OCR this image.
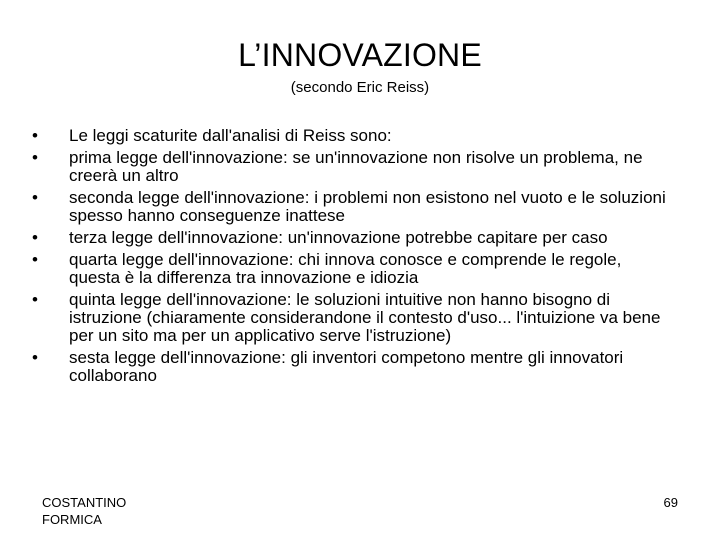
L’INNOVAZIONE
(secondo Eric Reiss)
• Le leggi scaturite dall'analisi di Reiss sono:
• prima legge dell'innovazione: se un'innovazione non risolve un problema, ne creerà un altro
• seconda legge dell'innovazione: i problemi non esistono nel vuoto e le soluzioni spesso hanno conseguenze inattese
• terza legge dell'innovazione: un'innovazione potrebbe capitare per caso
• quarta legge dell'innovazione: chi innova conosce e comprende le regole, questa è la differenza tra innovazione e idiozia
• quinta legge dell'innovazione: le soluzioni intuitive non hanno bisogno di istruzione (chiaramente considerandone il contesto d'uso... l'intuizione va bene per un sito ma per un applicativo serve l'istruzione)
• sesta legge dell'innovazione: gli inventori competono mentre gli innovatori collaborano
COSTANTINO FORMICA
69
